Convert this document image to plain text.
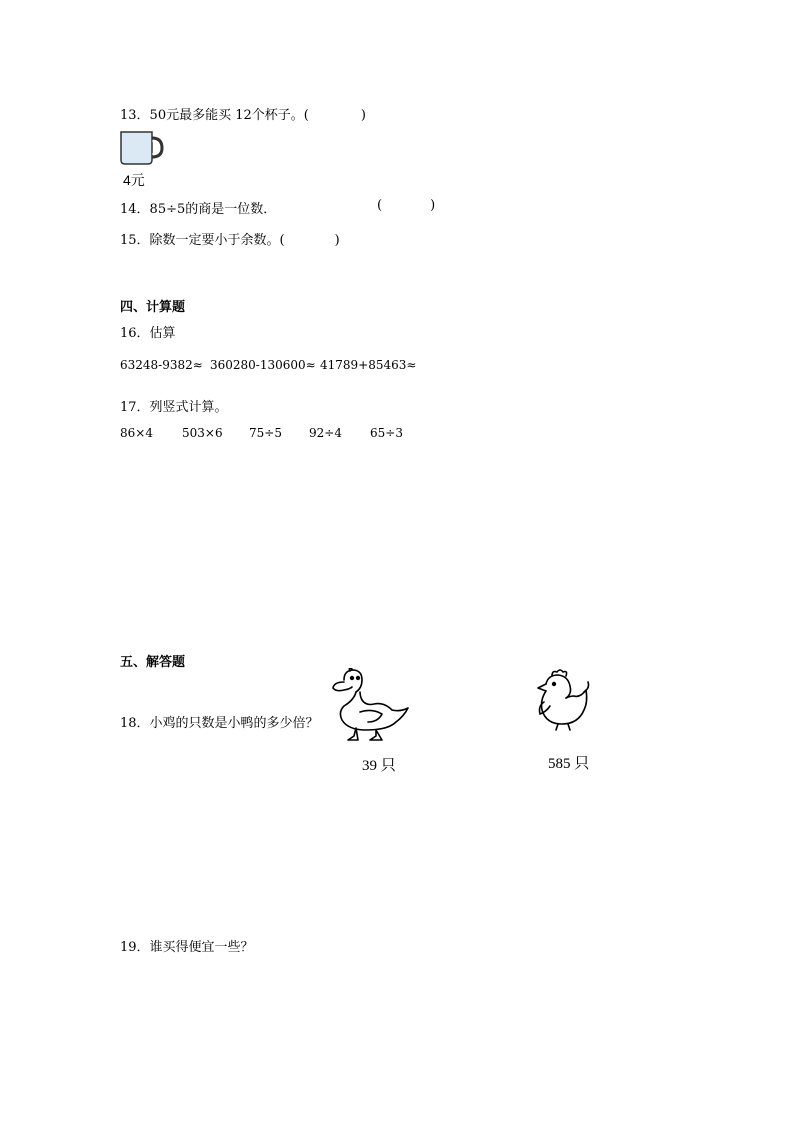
13．50元最多能买 12个杯子。(	)
4元
14．85÷5的商是一位数．	(	)
15．除数一定要小于余数。(	)
四、计算题
16．估算
63248-9382≈ 360280-130600≈ 41789+85463≈
17．列竖式计算。
86×4 503×6 75÷5 92÷4 65÷3
五、解答题
18．小鸡的只数是小鸭的多少倍？
39 只	585 只
19．谁买得便宜一些？
